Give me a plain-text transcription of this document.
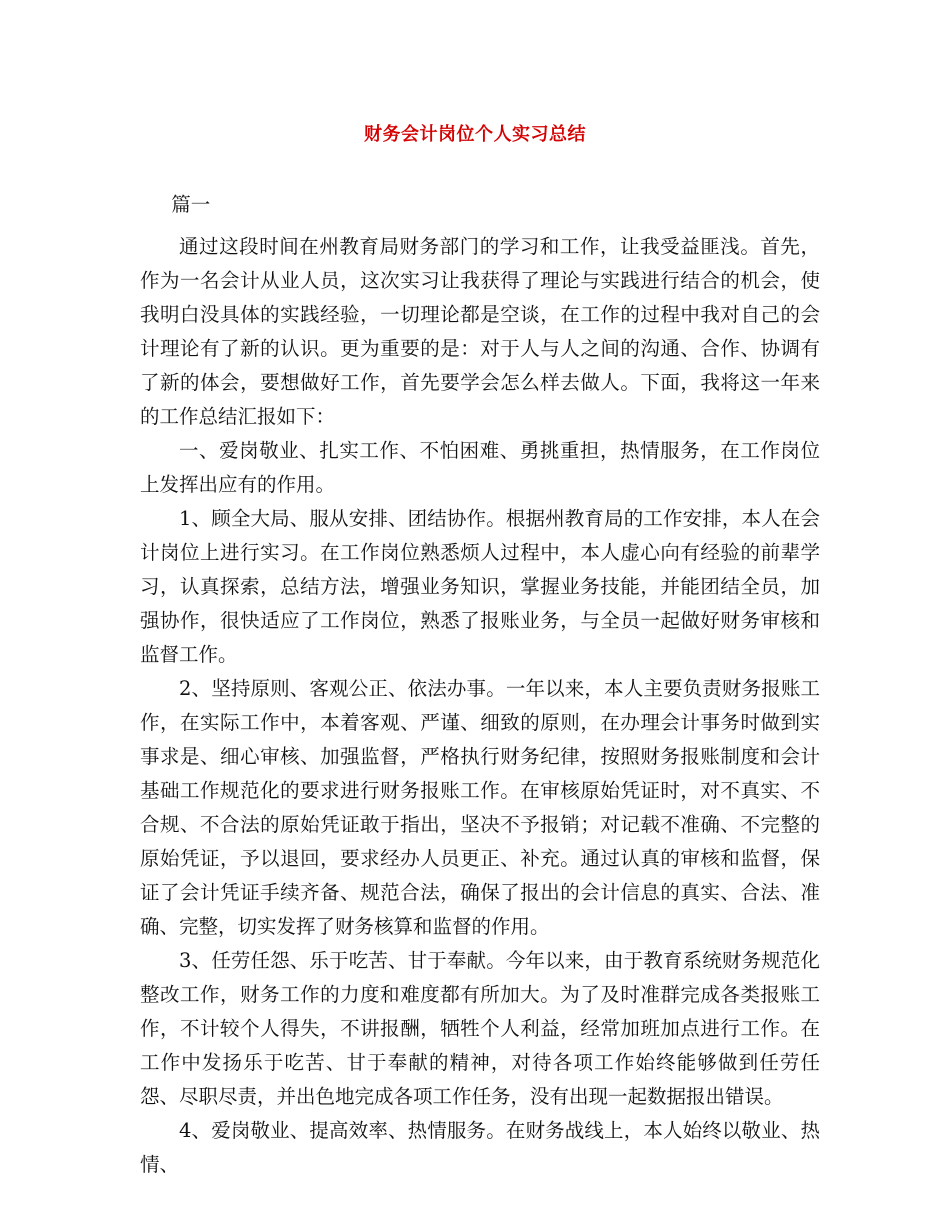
财务会计岗位个人实习总结

篇一

通过这段时间在州教育局财务部门的学习和工作，让我受益匪浅。首先，作为一名会计从业人员，这次实习让我获得了理论与实践进行结合的机会，使我明白没具体的实践经验，一切理论都是空谈，在工作的过程中我对自己的会计理论有了新的认识。更为重要的是：对于人与人之间的沟通、合作、协调有了新的体会，要想做好工作，首先要学会怎么样去做人。下面，我将这一年来的工作总结汇报如下：

一、爱岗敬业、扎实工作、不怕困难、勇挑重担，热情服务，在工作岗位上发挥出应有的作用。

1、顾全大局、服从安排、团结协作。根据州教育局的工作安排，本人在会计岗位上进行实习。在工作岗位熟悉烦人过程中，本人虚心向有经验的前辈学习，认真探索，总结方法，增强业务知识，掌握业务技能，并能团结全员，加强协作，很快适应了工作岗位，熟悉了报账业务，与全员一起做好财务审核和监督工作。

2、坚持原则、客观公正、依法办事。一年以来，本人主要负责财务报账工作，在实际工作中，本着客观、严谨、细致的原则，在办理会计事务时做到实事求是、细心审核、加强监督，严格执行财务纪律，按照财务报账制度和会计基础工作规范化的要求进行财务报账工作。在审核原始凭证时，对不真实、不合规、不合法的原始凭证敢于指出，坚决不予报销；对记载不准确、不完整的原始凭证，予以退回，要求经办人员更正、补充。通过认真的审核和监督，保证了会计凭证手续齐备、规范合法，确保了报出的会计信息的真实、合法、准确、完整，切实发挥了财务核算和监督的作用。

3、任劳任怨、乐于吃苦、甘于奉献。今年以来，由于教育系统财务规范化整改工作，财务工作的力度和难度都有所加大。为了及时准群完成各类报账工作，不计较个人得失，不讲报酬，牺牲个人利益，经常加班加点进行工作。在工作中发扬乐于吃苦、甘于奉献的精神，对待各项工作始终能够做到任劳任怨、尽职尽责，并出色地完成各项工作任务，没有出现一起数据报出错误。

4、爱岗敬业、提高效率、热情服务。在财务战线上，本人始终以敬业、热情、
